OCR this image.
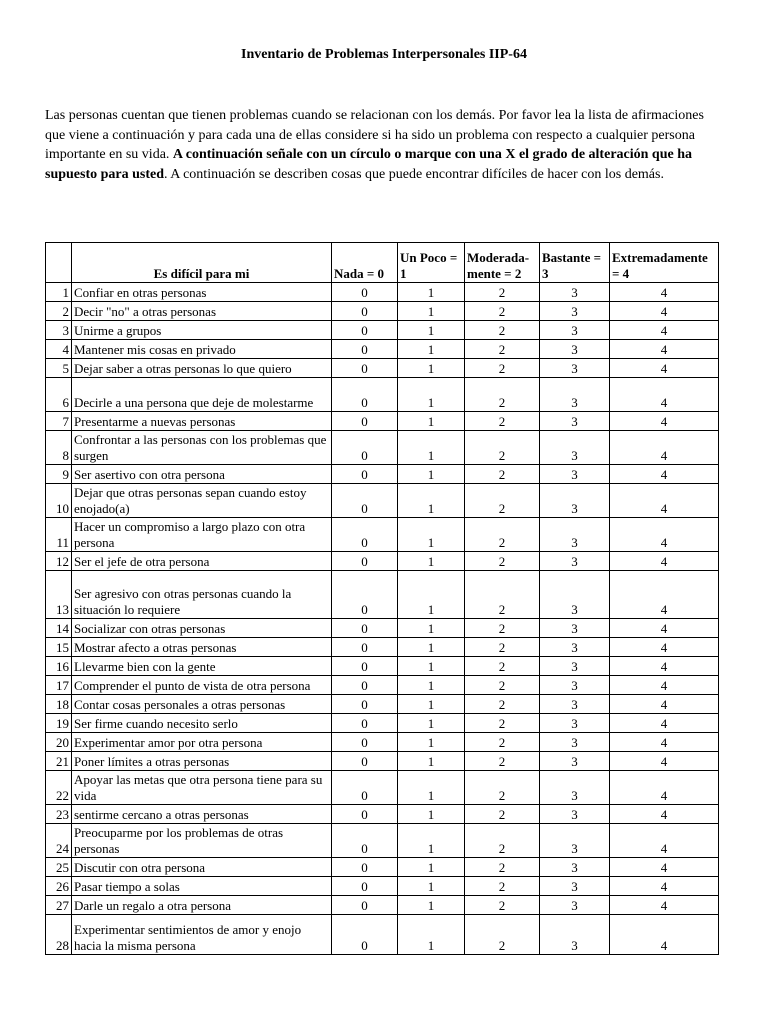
Inventario de Problemas Interpersonales IIP-64

Las personas cuentan que tienen problemas cuando se relacionan con los demás. Por favor lea la lista de afirmaciones que viene a continuación y para cada una de ellas considere si ha sido un problema con respecto a cualquier persona importante en su vida. A continuación señale con un círculo o marque con una X el grado de alteración que ha supuesto para usted. A continuación se describen cosas que puede encontrar difíciles de hacer con los demás.

	Es difícil para mi	Nada = 0	Un Poco = 1	Moderada-mente = 2	Bastante = 3	Extremadamente = 4
1	Confiar en otras personas	0	1	2	3	4
2	Decir "no" a otras personas	0	1	2	3	4
3	Unirme a grupos	0	1	2	3	4
4	Mantener mis cosas en privado	0	1	2	3	4
5	Dejar saber a otras personas lo que quiero	0	1	2	3	4
6	Decirle a una persona que deje de molestarme	0	1	2	3	4
7	Presentarme a nuevas personas	0	1	2	3	4
8	Confrontar a las personas con los problemas que surgen	0	1	2	3	4
9	Ser asertivo con otra persona	0	1	2	3	4
10	Dejar que otras personas sepan cuando estoy enojado(a)	0	1	2	3	4
11	Hacer un compromiso a largo plazo con otra persona	0	1	2	3	4
12	Ser el jefe de otra persona	0	1	2	3	4
13	Ser agresivo con otras personas cuando la situación lo requiere	0	1	2	3	4
14	Socializar con otras personas	0	1	2	3	4
15	Mostrar afecto a otras personas	0	1	2	3	4
16	Llevarme bien con la gente	0	1	2	3	4
17	Comprender el punto de vista de otra persona	0	1	2	3	4
18	Contar cosas personales a otras personas	0	1	2	3	4
19	Ser firme cuando necesito serlo	0	1	2	3	4
20	Experimentar amor por otra persona	0	1	2	3	4
21	Poner límites a otras personas	0	1	2	3	4
22	Apoyar las metas que otra persona tiene para su vida	0	1	2	3	4
23	sentirme cercano a otras personas	0	1	2	3	4
24	Preocuparme por los problemas de otras personas	0	1	2	3	4
25	Discutir con otra persona	0	1	2	3	4
26	Pasar tiempo a solas	0	1	2	3	4
27	Darle un regalo a otra persona	0	1	2	3	4
28	Experimentar sentimientos de amor y enojo hacia la misma persona	0	1	2	3	4
